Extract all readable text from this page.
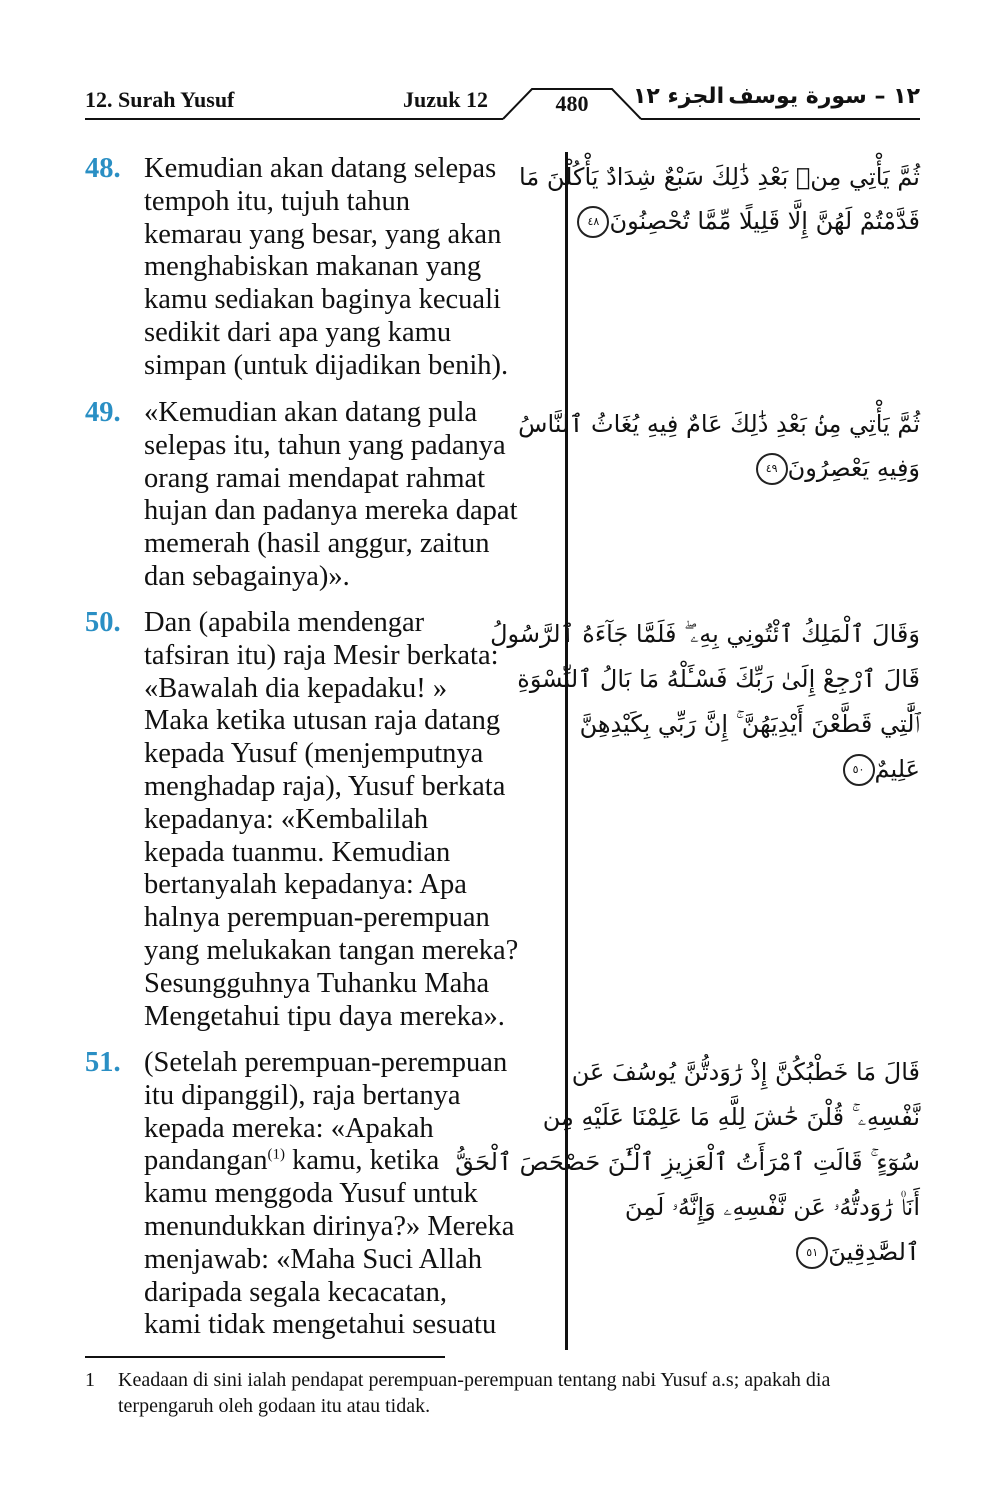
12. Surah Yusuf	Juzuk 12	480	الجزء ١٢ ١٢ – سورة يوسف
48. Kemudian akan datang selepas
tempoh itu, tujuh tahun
kemarau yang besar, yang akan
menghabiskan makanan yang
kamu sediakan baginya kecuali
sedikit dari apa yang kamu
simpan (untuk dijadikan benih).
ثُمَّ يَأْتِي مِنۢ بَعْدِ ذَٰلِكَ سَبْعٌ شِدَادٌ يَأْكُلْنَ مَا
قَدَّمْتُمْ لَهُنَّ إِلَّا قَلِيلًا مِّمَّا تُحْصِنُونَ٤٨
49. «Kemudian akan datang pula
selepas itu, tahun yang padanya
orang ramai mendapat rahmat
hujan dan padanya mereka dapat
memerah (hasil anggur, zaitun
dan sebagainya)».
ثُمَّ يَأْتِي مِنۢ بَعْدِ ذَٰلِكَ عَامٌ فِيهِ يُغَاثُ ٱلنَّاسُ
وَفِيهِ يَعْصِرُونَ٤٩
50. Dan (apabila mendengar
tafsiran itu) raja Mesir berkata:
«Bawalah dia kepadaku! »
Maka ketika utusan raja datang
kepada Yusuf (menjemputnya
menghadap raja), Yusuf berkata
kepadanya: «Kembalilah
kepada tuanmu. Kemudian
bertanyalah kepadanya: Apa
halnya perempuan-perempuan
yang melukakan tangan mereka?
Sesungguhnya Tuhanku Maha
Mengetahui tipu daya mereka».
وَقَالَ ٱلْمَلِكُ ٱئْتُونِي بِهِۦ ۖ فَلَمَّا جَآءَهُ ٱلرَّسُولُ
قَالَ ٱرْجِعْ إِلَىٰ رَبِّكَ فَسْـَٔلْهُ مَا بَالُ ٱلنِّسْوَةِ
ٱلَّٰتِي قَطَّعْنَ أَيْدِيَهُنَّ ۚ إِنَّ رَبِّي بِكَيْدِهِنَّ
عَلِيمٌ٥٠
51. (Setelah perempuan-perempuan
itu dipanggil), raja bertanya
kepada mereka: «Apakah
pandangan$^{(1)}$ kamu, ketika
kamu menggoda Yusuf untuk
menundukkan dirinya?» Mereka
menjawab: «Maha Suci Allah
daripada segala kecacatan,
kami tidak mengetahui sesuatu
قَالَ مَا خَطْبُكُنَّ إِذْ رَٰوَدتُّنَّ يُوسُفَ عَن
نَّفْسِهِۦ ۚ قُلْنَ حَٰشَ لِلَّهِ مَا عَلِمْنَا عَلَيْهِ مِن
سُوٓءٍ ۚ قَالَتِ ٱمْرَأَتُ ٱلْعَزِيزِ ٱلْـَٰٔنَ حَصْحَصَ ٱلْحَقُّ
أَنَا۠ رَٰوَدتُّهُۥ عَن نَّفْسِهِۦ وَإِنَّهُۥ لَمِنَ
ٱلصَّٰدِقِينَ٥١
1 Keadaan di sini ialah pendapat perempuan-perempuan tentang nabi Yusuf a.s; apakah dia
terpengaruh oleh godaan itu atau tidak.
